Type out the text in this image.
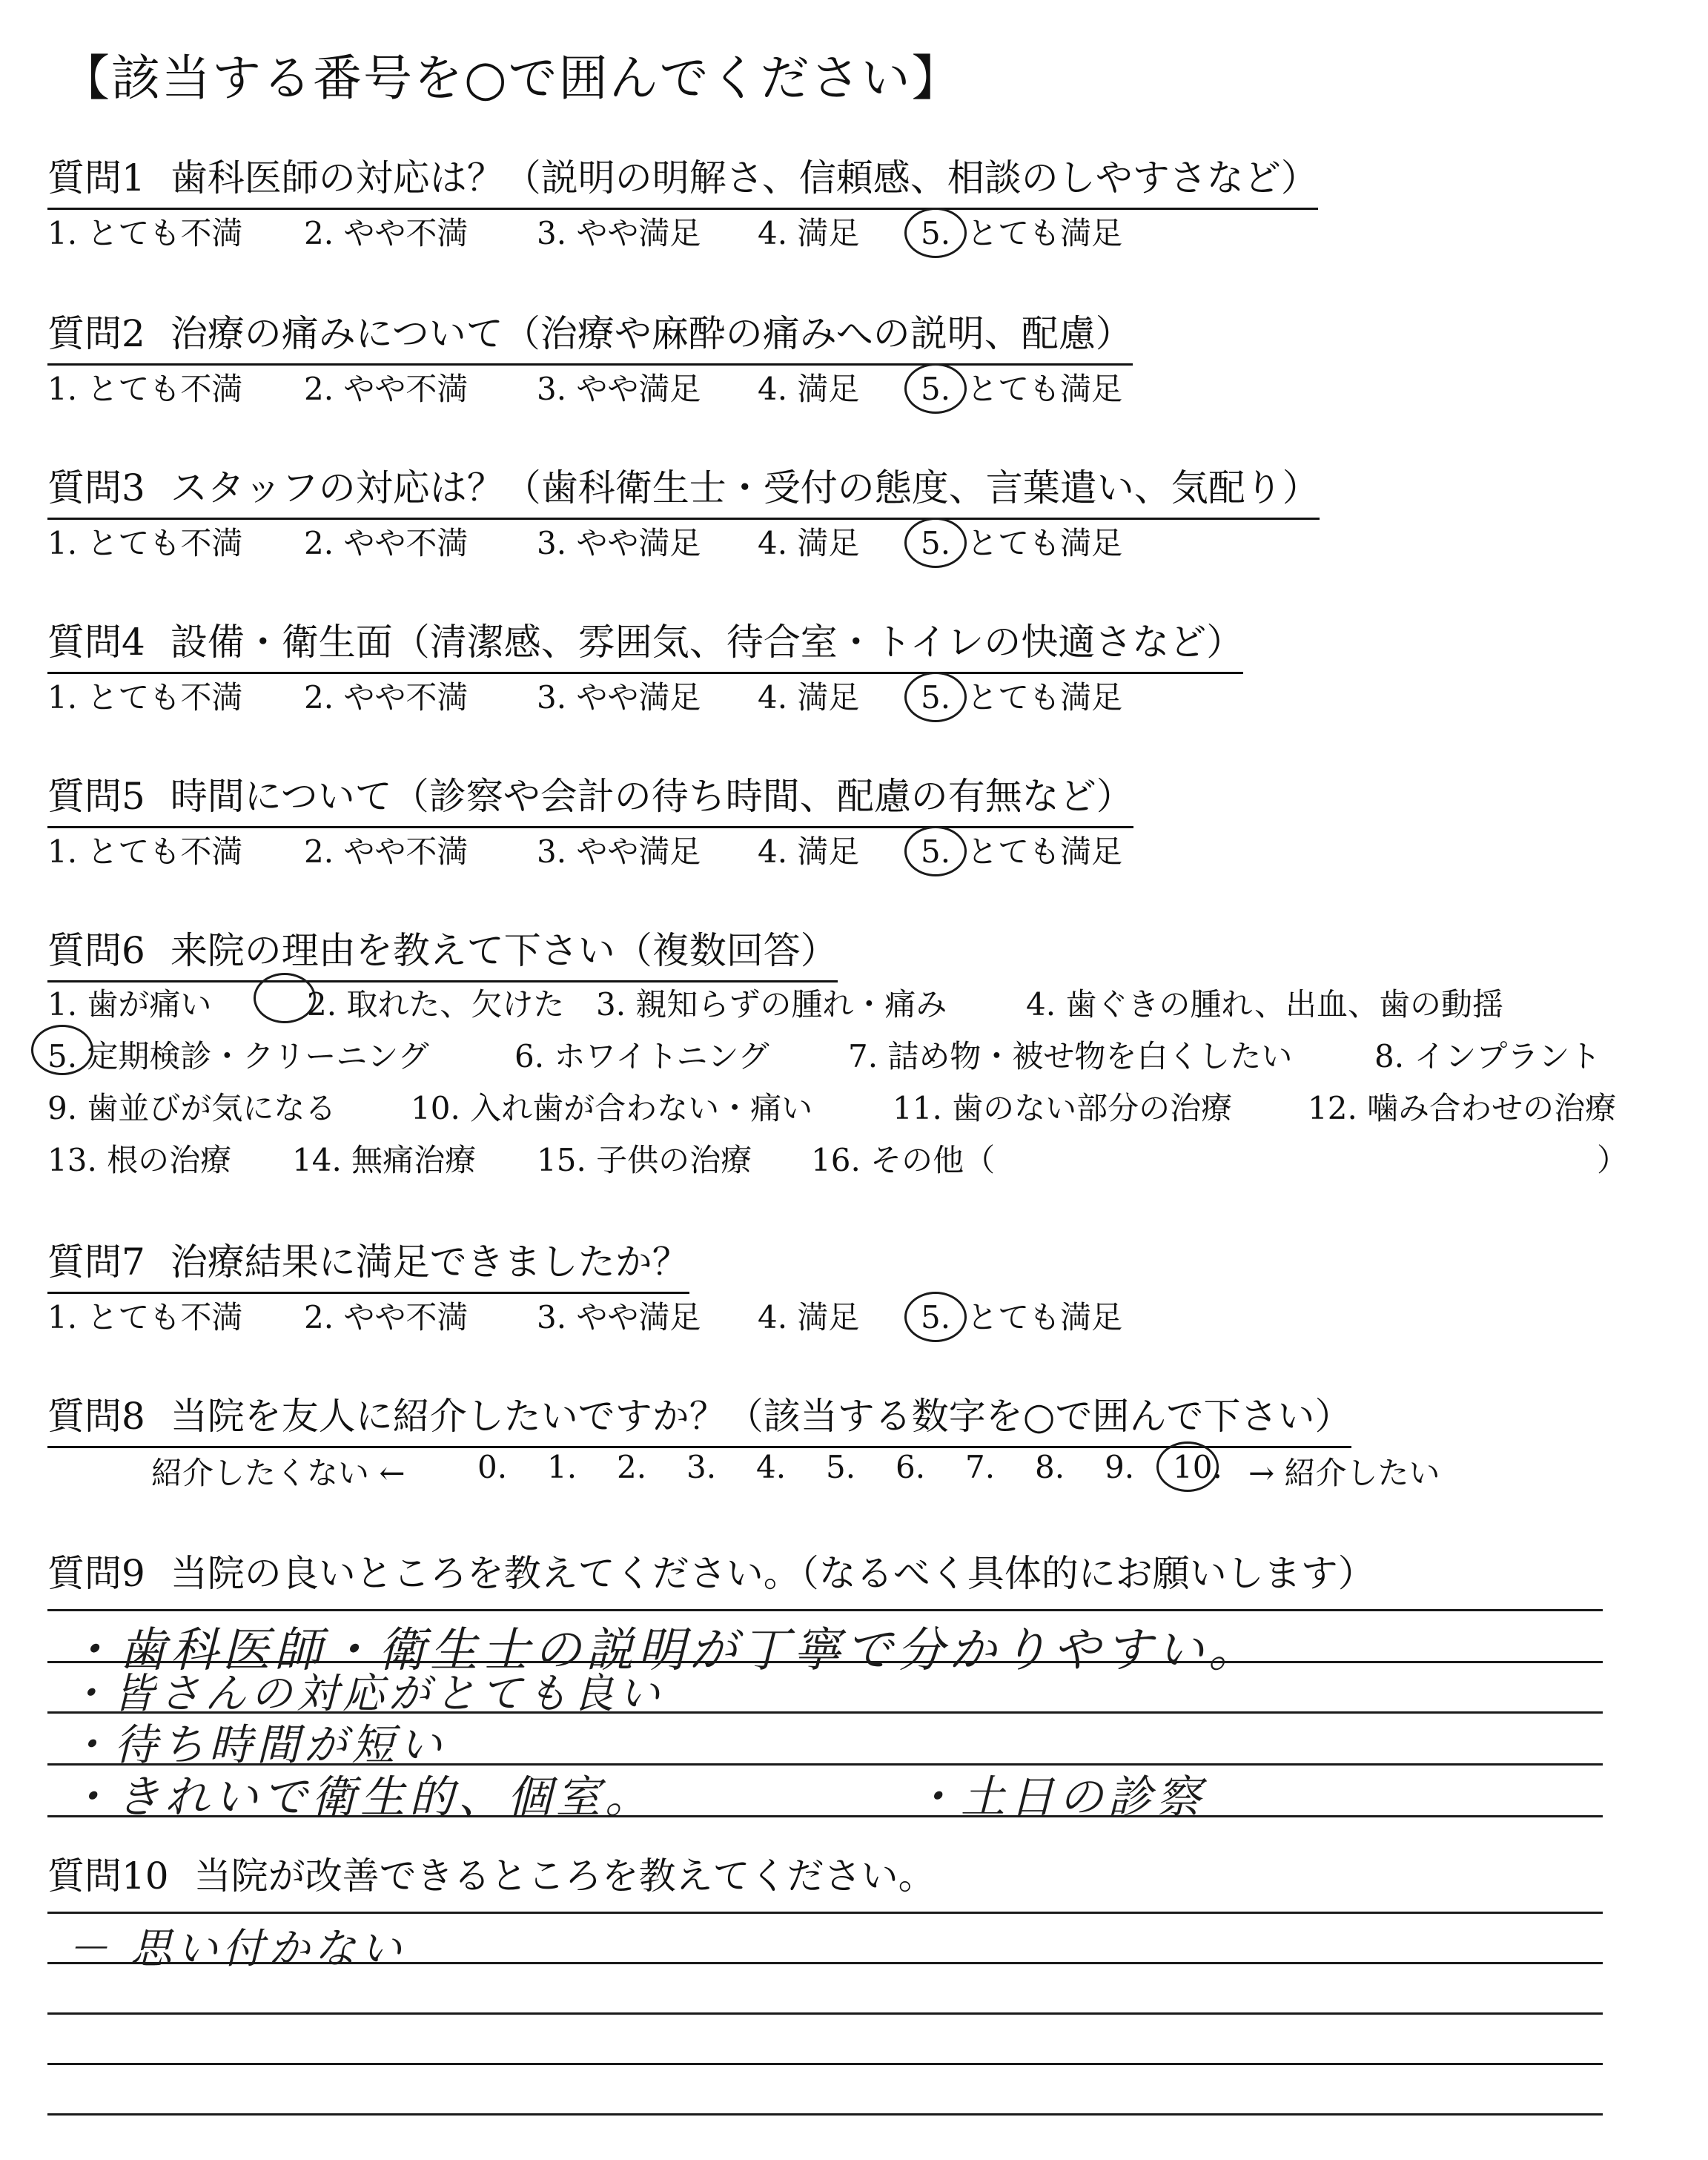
【該当する番号を○で囲んでください】
質問1 歯科医師の対応は？（説明の明解さ、信頼感、相談のしやすさなど）
1. とても不満 2. やや不満 3. やや満足 4. 満足 5. とても満足
質問2 治療の痛みについて（治療や麻酔の痛みへの説明、配慮）
1. とても不満 2. やや不満 3. やや満足 4. 満足 5. とても満足
質問3 スタッフの対応は？（歯科衛生士・受付の態度、言葉遣い、気配り）
1. とても不満 2. やや不満 3. やや満足 4. 満足 5. とても満足
質問4 設備・衛生面（清潔感、雰囲気、待合室・トイレの快適さなど）
1. とても不満 2. やや不満 3. やや満足 4. 満足 5. とても満足
質問5 時間について（診察や会計の待ち時間、配慮の有無など）
1. とても不満 2. やや不満 3. やや満足 4. 満足 5. とても満足
質問6 来院の理由を教えて下さい（複数回答）
1. 歯が痛い	2. 取れた、欠けた 3. 親知らずの腫れ・痛み	4. 歯ぐきの腫れ、出血、歯の動揺
5. 定期検診・クリーニング	6. ホワイトニング	7. 詰め物・被せ物を白くしたい	8. インプラント
9. 歯並びが気になる 10. 入れ歯が合わない・痛い	11. 歯のない部分の治療 12. 噛み合わせの治療
13. 根の治療 14. 無痛治療 15. 子供の治療 16. その他（	）
質問7 治療結果に満足できましたか？
1. とても不満 2. やや不満 3. やや満足 4. 満足 5. とても満足
質問8 当院を友人に紹介したいですか？（該当する数字を○で囲んで下さい）
紹介したくない ← 0. 1. 2. 3. 4. 5. 6. 7. 8. 9. 10. → 紹介したい
質問9 当院の良いところを教えてください。（なるべく具体的にお願いします）
・歯科医師・衛生士の説明が丁寧で分かりやすい。
・皆さんの対応がとても良い
・待ち時間が短い
・きれいで衛生的、個室。	・土日の診察
質問10 当院が改善できるところを教えてください。
－ 思い付かない
